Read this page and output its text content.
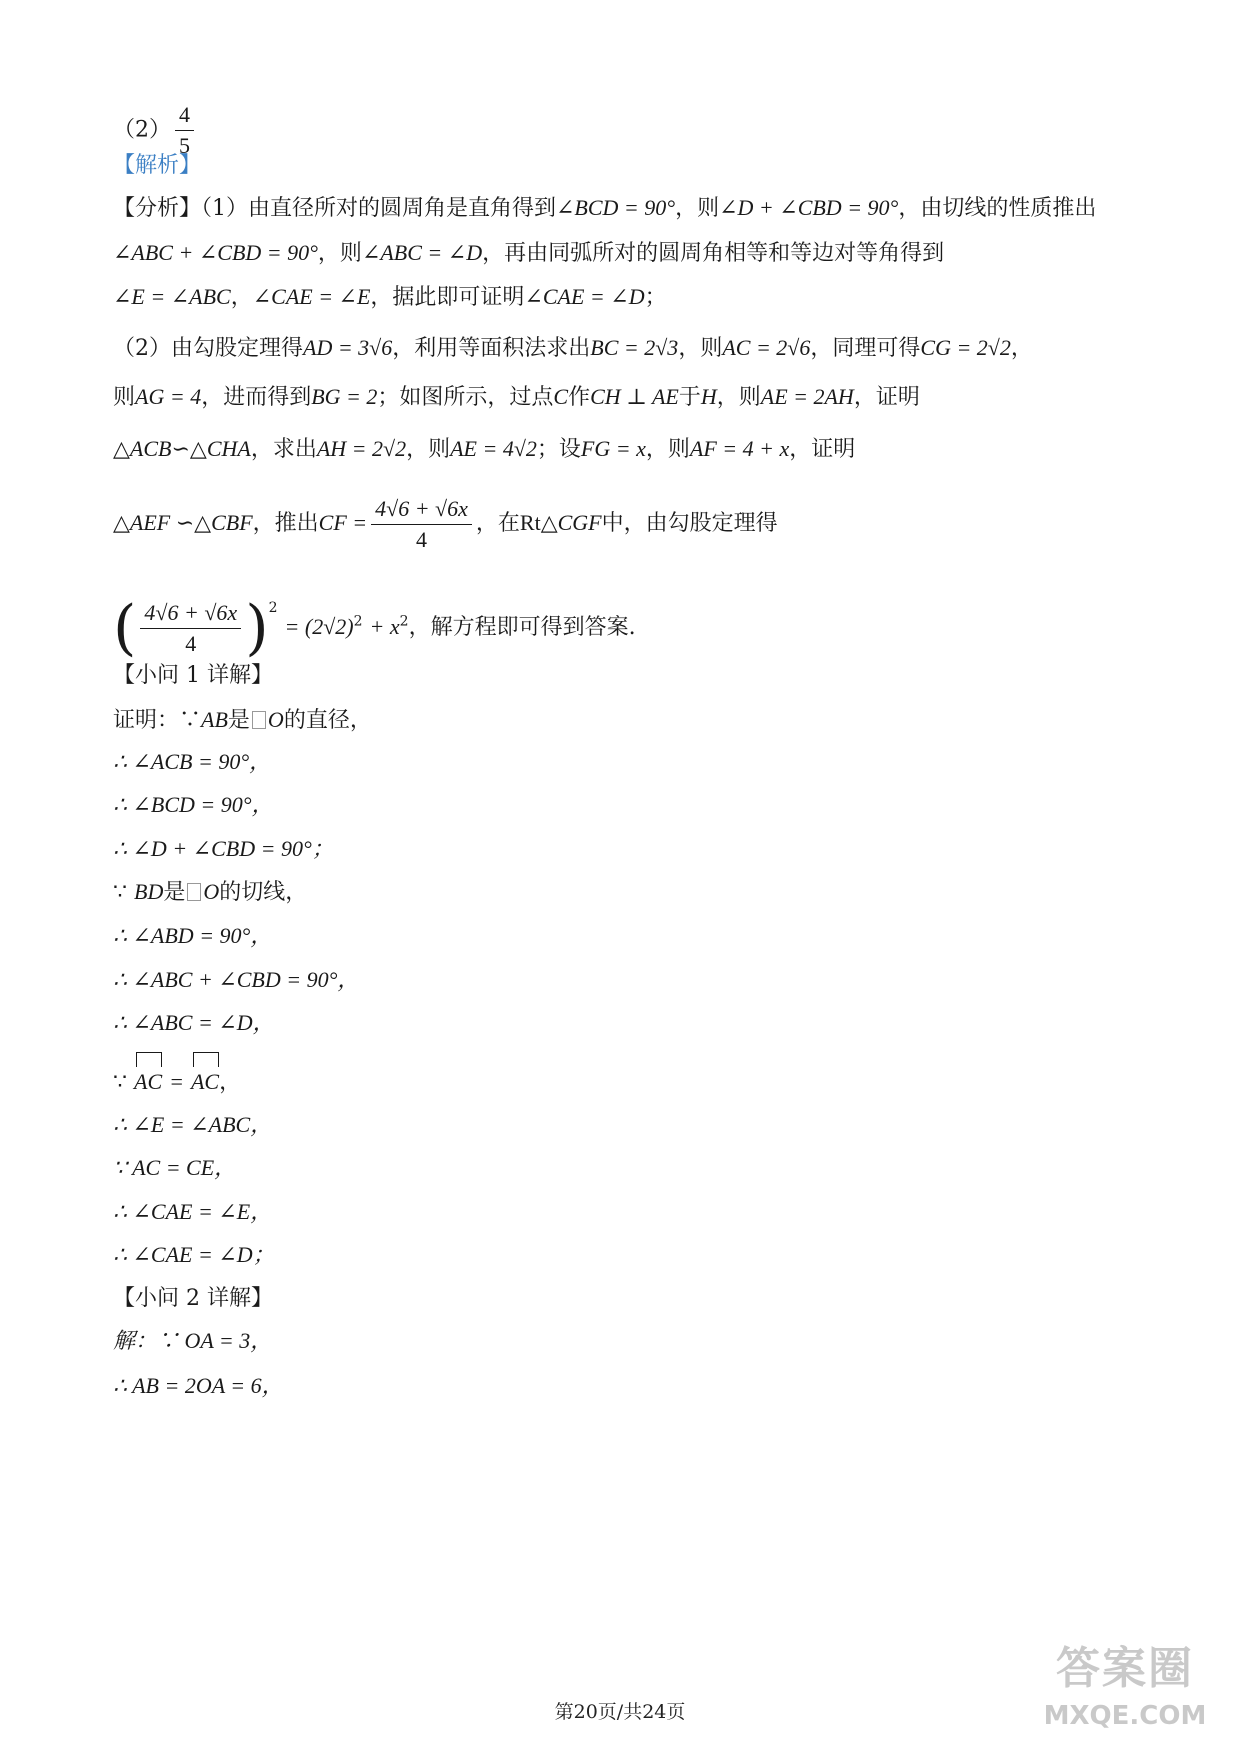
$(2) \frac{4}{5}$
【解析】
【分析】（1）由直径所对的圆周角是直角得到∠BCD = 90°，则∠D + ∠CBD = 90°，由切线的性质推出
∠ABC + ∠CBD = 90°，则∠ABC = ∠D，再由同弧所对的圆周角相等和等边对等角得到
∠E = ∠ABC，∠CAE = ∠E，据此即可证明∠CAE = ∠D；
（2）由勾股定理得AD = 3√6，利用等面积法求出BC = 2√3，则AC = 2√6，同理可得CG = 2√2，
则AG = 4，进而得到BG = 2；如图所示，过点C作CH ⊥ AE于H，则AE = 2AH，证明
△ACB∽△CHA，求出AH = 2√2，则AE = 4√2；设FG = x，则AF = 4 + x，证明
△AEF ∽△CBF，推出CF = $\frac{4√6 + √6x}{4}$ ，在Rt△CGF中，由勾股定理得
( $\frac{4√6 + √6x}{4} )^2 = (2√2)^2 + x^2$，解方程即可得到答案.
【小问 1 详解】
证明：∵AB是 O的直径，
∴ ∠ACB = 90°，
∴ ∠BCD = 90°，
∴ ∠D + ∠CBD = 90°；
∵ BD是 O的切线，
∴ ∠ABD = 90°，
∴ ∠ABC + ∠CBD = 90°，
∴ ∠ABC = ∠D，
∵ AC = AC，
∴ ∠E = ∠ABC，
∵ AC = CE，
∴ ∠CAE = ∠E，
∴ ∠CAE = ∠D；
【小问 2 详解】
解：∵ OA = 3，
∴ AB = 2OA = 6，
第20页/共24页
答案圈
MXQE.COM
